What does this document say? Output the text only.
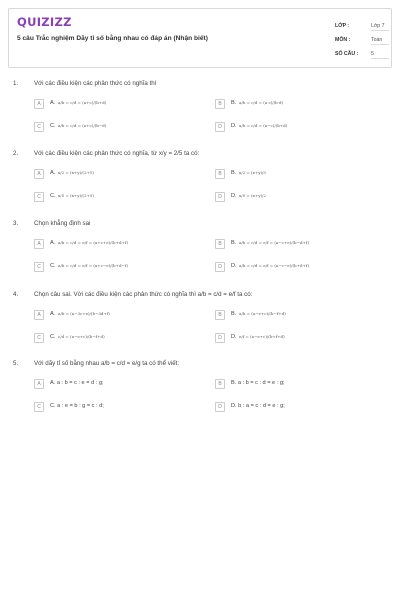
QUIZIZZ
5 câu Trắc nghiệm Dãy tỉ số bằng nhau có đáp án (Nhận biết)
LỚP :	Lớp 7
MÔN :	Toán
SỐ CÂU : 5
1.	Với các điều kiện các phân thức có nghĩa thì
A	A. a/b = c/d = (a+c)/(b+d)	B	B. a/b = c/d = (a·c)/(b·d)
C	C. a/b = c/d = (a+c)/(b−d)	D	D. a/b = c/d = (a−c)/(b+d)
2.	Với các điều kiện các phân thức có nghĩa, từ x/y = 2/5 ta có:
A	A. x/2 = (x+y)/(2+5)	B	B. x/2 = (x+y)/5
C	C. x/5 = (x+y)/(2+5)	D	D. x/5 = (x+y)/2
3.	Chọn khẳng định sai
A	A. a/b = c/d = e/f = (a+c+e)/(b+d+f)	B	B. a/b = c/d = e/f = (a−c+e)/(b−d+f)
C	C. a/b = c/d = e/f = (a+c−e)/(b+d−f)	D	D. a/b = c/d = e/f = (a−c−e)/(b+d+f)
4.	Chọn câu sai. Với các điều kiện các phân thức có nghĩa thì a/b = c/d = e/f ta có:
A	A. a/b = (a−3c+e)/(b−3d+f)	B	B. a/b = (a−e+c)/(b−f+d)
C	C. c/d = (a−e+c)/(b−f+d)	D	D. e/f = (a−e+c)/(b+f+d)
5.	Với dãy tỉ số bằng nhau a/b = c/d = e/g ta có thể viết:
A	A. a : b = c : e = d : g;	B	B. a : b = c : d = e : g;
C	C. a : e = b : g = c : d;	D	D. b : a = c : d = e : g;
